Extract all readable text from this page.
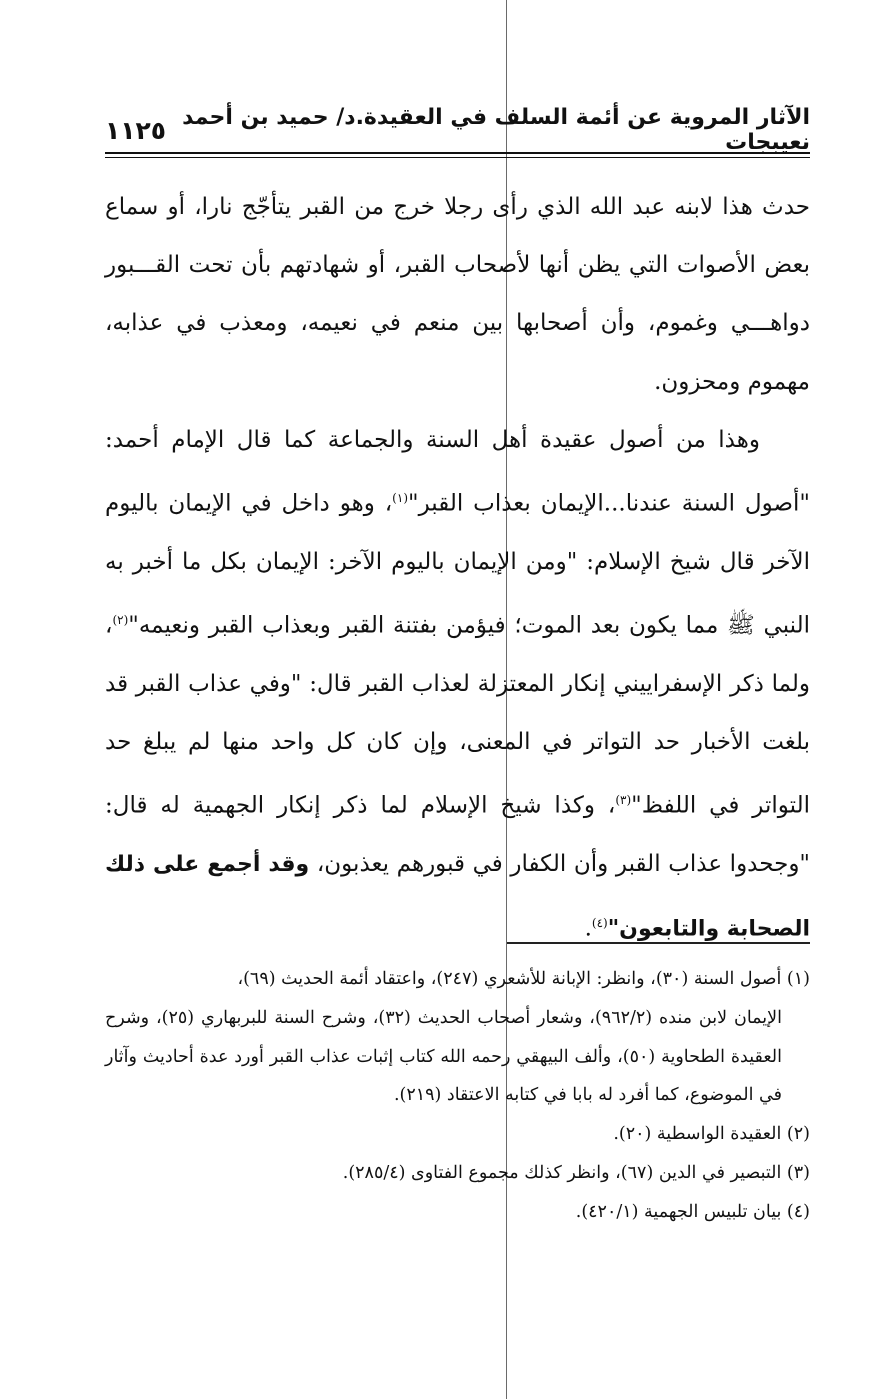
الآثار المروية عن أئمة السلف في العقيدة.د/ حميد بن أحمد نعيبجات
١١٢٥

حدث هذا لابنه عبد الله الذي رأى رجلا خرج من القبر يتأجّج نارا، أو سماع بعض الأصوات التي يظن أنها لأصحاب القبر، أو شهادتهم بأن تحت القـــبور دواهـــي وغموم، وأن أصحابها بين منعم في نعيمه، ومعذب في عذابه، مهموم ومحزون.

وهذا من أصول عقيدة أهل السنة والجماعة كما قال الإمام أحمد: "أصول السنة عندنا...الإيمان بعذاب القبر"$^{(١)}$، وهو داخل في الإيمان باليوم الآخر قال شيخ الإسلام: "ومن الإيمان باليوم الآخر: الإيمان بكل ما أخبر به النبي ﷺ مما يكون بعد الموت؛ فيؤمن بفتنة القبر وبعذاب القبر ونعيمه"$^{(٢)}$، ولما ذكر الإسفراييني إنكار المعتزلة لعذاب القبر قال: "وفي عذاب القبر قد بلغت الأخبار حد التواتر في المعنى، وإن كان كل واحد منها لم يبلغ حد التواتر في اللفظ"$^{(٣)}$، وكذا شيخ الإسلام لما ذكر إنكار الجهمية له قال: "وجحدوا عذاب القبر وأن الكفار في قبورهم يعذبون، وقد أجمع على ذلك الصحابة والتابعون"$^{(٤)}$.

(١) أصول السنة (٣٠)، وانظر: الإبانة للأشعري (٢٤٧)، واعتقاد أئمة الحديث (٦٩)،

الإيمان لابن منده (٩٦٢/٢)، وشعار أصحاب الحديث (٣٢)، وشرح السنة للبربهاري (٢٥)، وشرح العقيدة الطحاوية (٥٠)، وألف البيهقي رحمه الله كتاب إثبات عذاب القبر أورد عدة أحاديث وآثار في الموضوع، كما أفرد له بابا في كتابه الاعتقاد (٢١٩).

(٢) العقيدة الواسطية (٢٠).

(٣) التبصير في الدين (٦٧)، وانظر كذلك مجموع الفتاوى (٢٨٥/٤).

(٤) بيان تلبيس الجهمية (٤٢٠/١).
